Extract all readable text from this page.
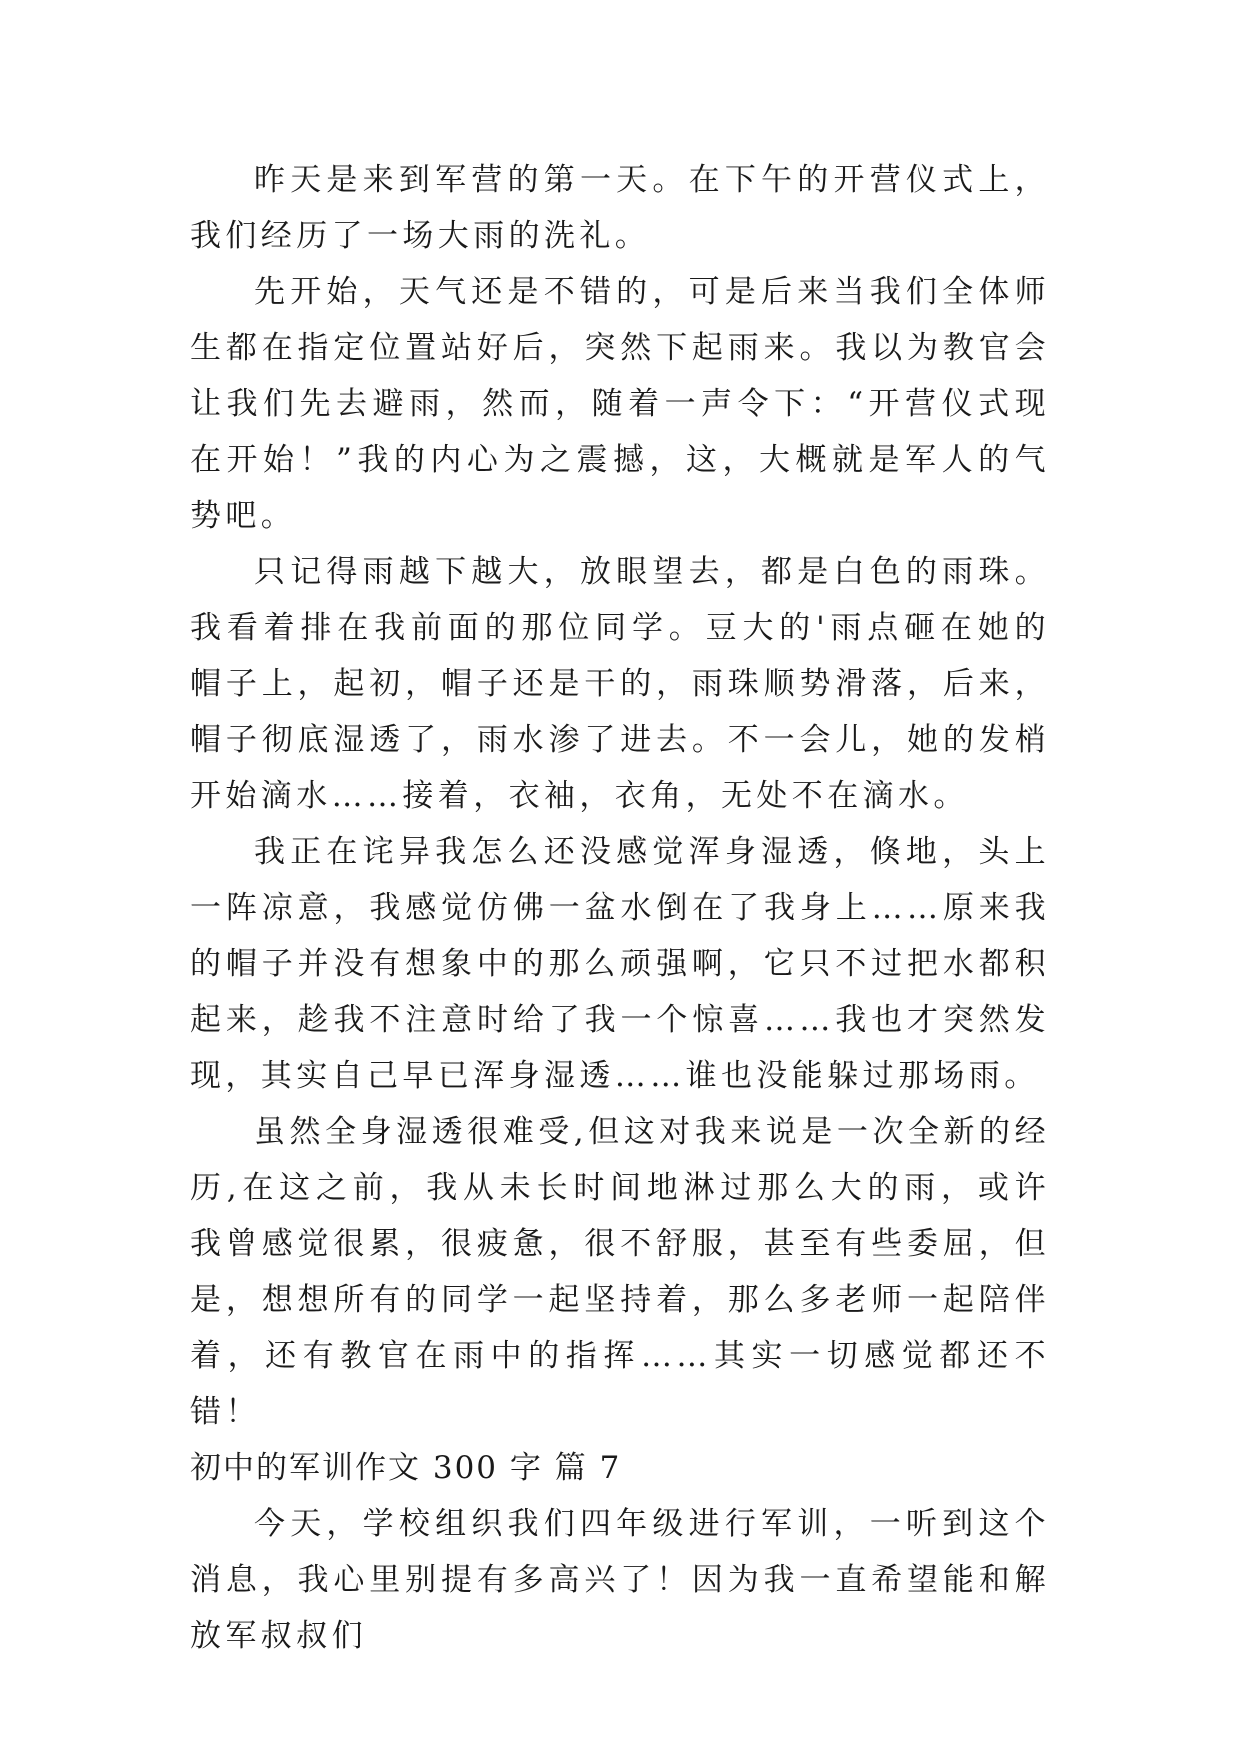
昨天是来到军营的第一天。在下午的开营仪式上，我们经历了一场大雨的洗礼。

先开始，天气还是不错的，可是后来当我们全体师生都在指定位置站好后，突然下起雨来。我以为教官会让我们先去避雨，然而，随着一声令下：“开营仪式现在开始！”我的内心为之震撼，这，大概就是军人的气势吧。

只记得雨越下越大，放眼望去，都是白色的雨珠。我看着排在我前面的那位同学。豆大的'雨点砸在她的帽子上，起初，帽子还是干的，雨珠顺势滑落，后来，帽子彻底湿透了，雨水渗了进去。不一会儿，她的发梢开始滴水……接着，衣袖，衣角，无处不在滴水。

我正在诧异我怎么还没感觉浑身湿透，倏地，头上一阵凉意，我感觉仿佛一盆水倒在了我身上……原来我的帽子并没有想象中的那么顽强啊，它只不过把水都积起来，趁我不注意时给了我一个惊喜……我也才突然发现，其实自己早已浑身湿透……谁也没能躲过那场雨。

虽然全身湿透很难受,但这对我来说是一次全新的经历,在这之前，我从未长时间地淋过那么大的雨，或许我曾感觉很累，很疲惫，很不舒服，甚至有些委屈，但是，想想所有的同学一起坚持着，那么多老师一起陪伴着，还有教官在雨中的指挥……其实一切感觉都还不错！

初中的军训作文 300 字 篇 7

今天，学校组织我们四年级进行军训，一听到这个消息，我心里别提有多高兴了！因为我一直希望能和解放军叔叔们
